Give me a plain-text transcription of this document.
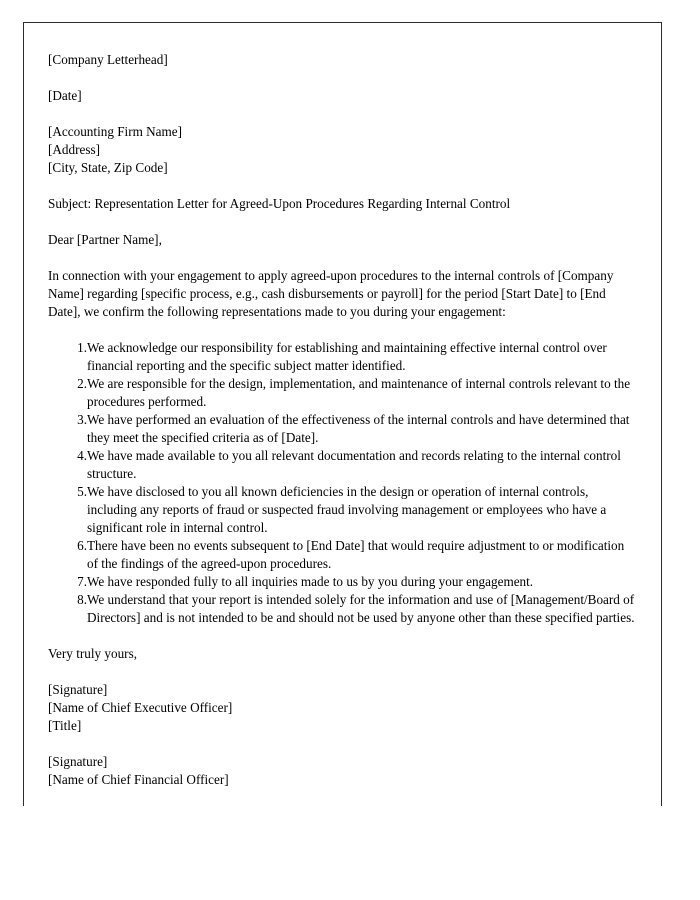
[Company Letterhead]
[Date]
[Accounting Firm Name]
[Address]
[City, State, Zip Code]
Subject: Representation Letter for Agreed-Upon Procedures Regarding Internal Control
Dear [Partner Name],

In connection with your engagement to apply agreed-upon procedures to the internal controls of [Company Name] regarding [specific process, e.g., cash disbursements or payroll] for the period [Start Date] to [End Date], we confirm the following representations made to you during your engagement:

1. We acknowledge our responsibility for establishing and maintaining effective internal control over financial reporting and the specific subject matter identified.
2. We are responsible for the design, implementation, and maintenance of internal controls relevant to the procedures performed.
3. We have performed an evaluation of the effectiveness of the internal controls and have determined that they meet the specified criteria as of [Date].
4. We have made available to you all relevant documentation and records relating to the internal control structure.
5. We have disclosed to you all known deficiencies in the design or operation of internal controls, including any reports of fraud or suspected fraud involving management or employees who have a significant role in internal control.
6. There have been no events subsequent to [End Date] that would require adjustment to or modification of the findings of the agreed-upon procedures.
7. We have responded fully to all inquiries made to us by you during your engagement.
8. We understand that your report is intended solely for the information and use of [Management/Board of Directors] and is not intended to be and should not be used by anyone other than these specified parties.
Very truly yours,
[Signature]
[Name of Chief Executive Officer]
[Title]
[Signature]
[Name of Chief Financial Officer]
